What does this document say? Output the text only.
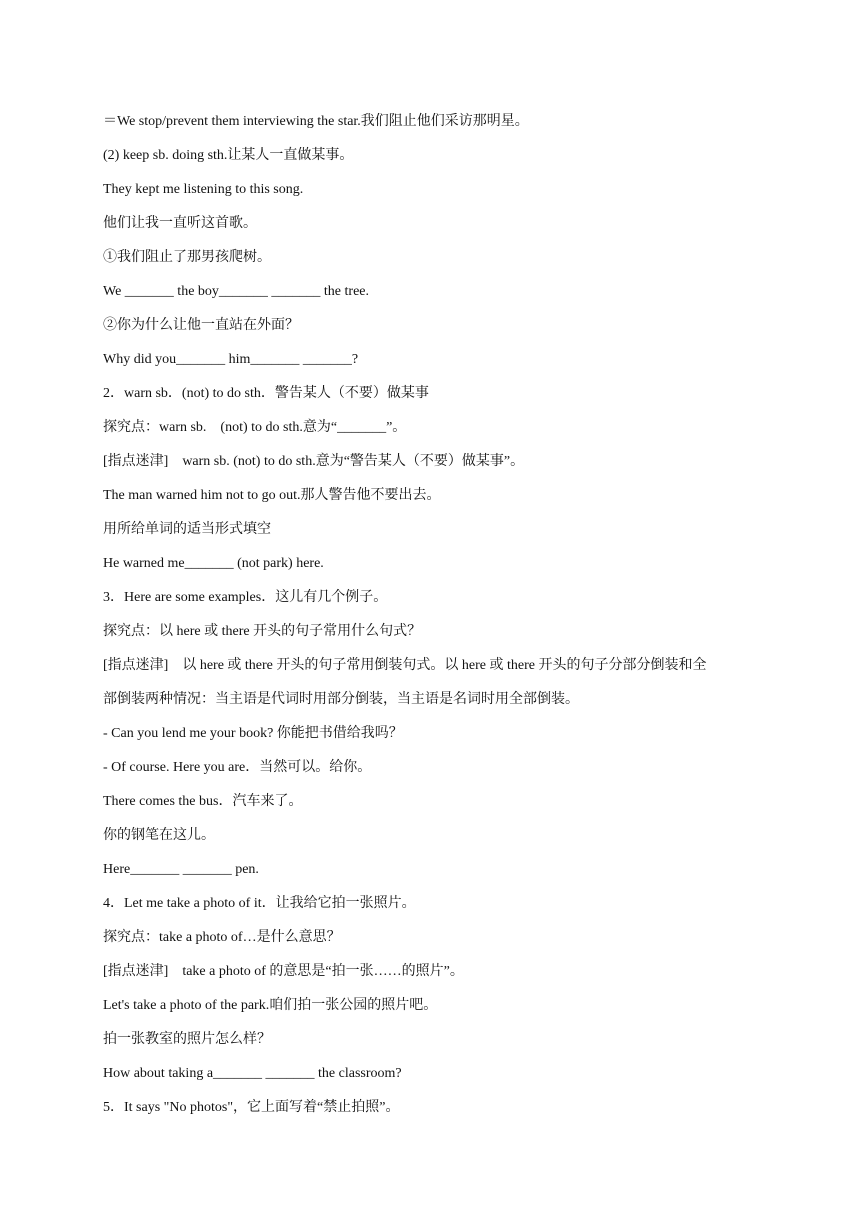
＝We stop/prevent them interviewing the star.我们阻止他们采访那明星。
(2) keep sb. doing sth.让某人一直做某事。
They kept me listening to this song.
他们让我一直听这首歌。
①我们阻止了那男孩爬树。
We _______ the boy_______ _______ the tree.
②你为什么让他一直站在外面？
Why did you_______ him_______ _______?
2．warn sb．(not) to do sth．警告某人（不要）做某事
探究点：warn sb.　(not) to do sth.意为“_______”。
[指点迷津]　warn sb. (not) to do sth.意为“警告某人（不要）做某事”。
The man warned him not to go out.那人警告他不要出去。
用所给单词的适当形式填空
He warned me_______ (not park) here.
3．Here are some examples．这儿有几个例子。
探究点：以 here 或 there 开头的句子常用什么句式？
[指点迷津]　以 here 或 there 开头的句子常用倒装句式。以 here 或 there 开头的句子分部分倒装和全
部倒装两种情况：当主语是代词时用部分倒装，当主语是名词时用全部倒装。
- Can you lend me your book? 你能把书借给我吗？
- Of course. Here you are．当然可以。给你。
There comes the bus．汽车来了。
你的钢笔在这儿。
Here_______ _______ pen.
4．Let me take a photo of it．让我给它拍一张照片。
探究点：take a photo of…是什么意思？
[指点迷津]　take a photo of 的意思是“拍一张……的照片”。
Let's take a photo of the park.咱们拍一张公园的照片吧。
拍一张教室的照片怎么样？
How about taking a_______ _______ the classroom?
5．It says "No photos"，它上面写着“禁止拍照”。
